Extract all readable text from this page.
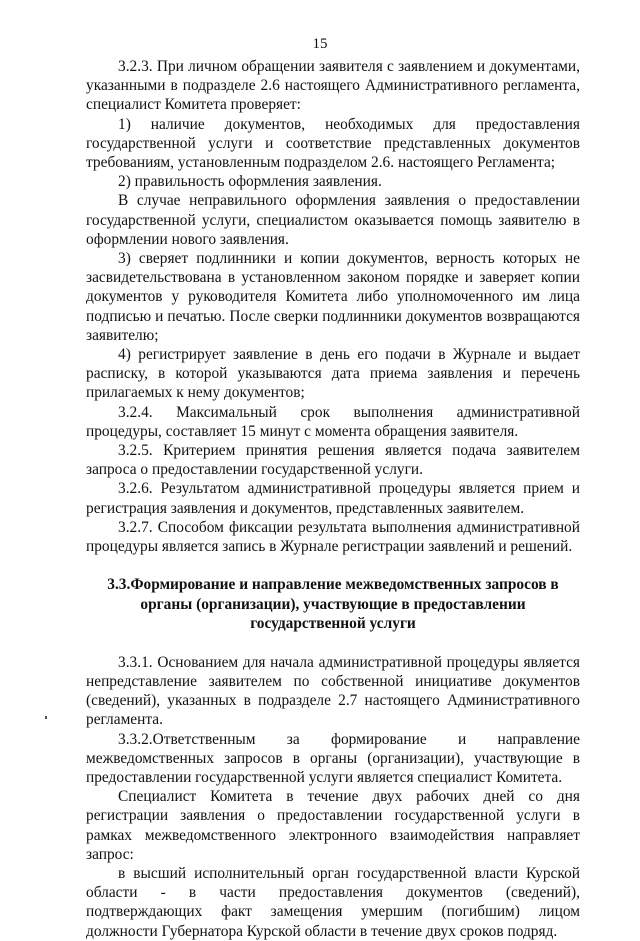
15

3.2.3. При личном обращении заявителя с заявлением и документами, указанными в подразделе 2.6 настоящего Административного регламента, специалист Комитета проверяет:

1) наличие документов, необходимых для предоставления государственной услуги и соответствие представленных документов требованиям, установленным подразделом 2.6. настоящего Регламента;

2) правильность оформления заявления.

В случае неправильного оформления заявления о предоставлении государственной услуги, специалистом оказывается помощь заявителю в оформлении нового заявления.

3) сверяет подлинники и копии документов, верность которых не засвидетельствована в установленном законом порядке и заверяет копии документов у руководителя Комитета либо уполномоченного им лица подписью и печатью. После сверки подлинники документов возвращаются заявителю;

4) регистрирует заявление в день его подачи в Журнале и выдает расписку, в которой указываются дата приема заявления и перечень прилагаемых к нему документов;

3.2.4. Максимальный срок выполнения административной процедуры, составляет 15 минут с момента обращения заявителя.

3.2.5. Критерием принятия решения является подача заявителем запроса о предоставлении государственной услуги.

3.2.6. Результатом административной процедуры является прием и регистрация заявления и документов, представленных заявителем.

3.2.7. Способом фиксации результата выполнения административной процедуры является запись в Журнале регистрации заявлений и решений.

3.3.Формирование и направление межведомственных запросов в органы (организации), участвующие в предоставлении государственной услуги

3.3.1. Основанием для начала административной процедуры является непредставление заявителем по собственной инициативе документов (сведений), указанных в подразделе 2.7 настоящего Административного регламента.

3.3.2.Ответственным за формирование и направление межведомственных запросов в органы (организации), участвующие в предоставлении государственной услуги является специалист Комитета.

Специалист Комитета в течение двух рабочих дней со дня регистрации заявления о предоставлении государственной услуги в рамках межведомственного электронного взаимодействия направляет запрос:

в высший исполнительный орган государственной власти Курской области - в части предоставления документов (сведений), подтверждающих факт замещения умершим (погибшим) лицом должности Губернатора Курской области в течение двух сроков подряд.
